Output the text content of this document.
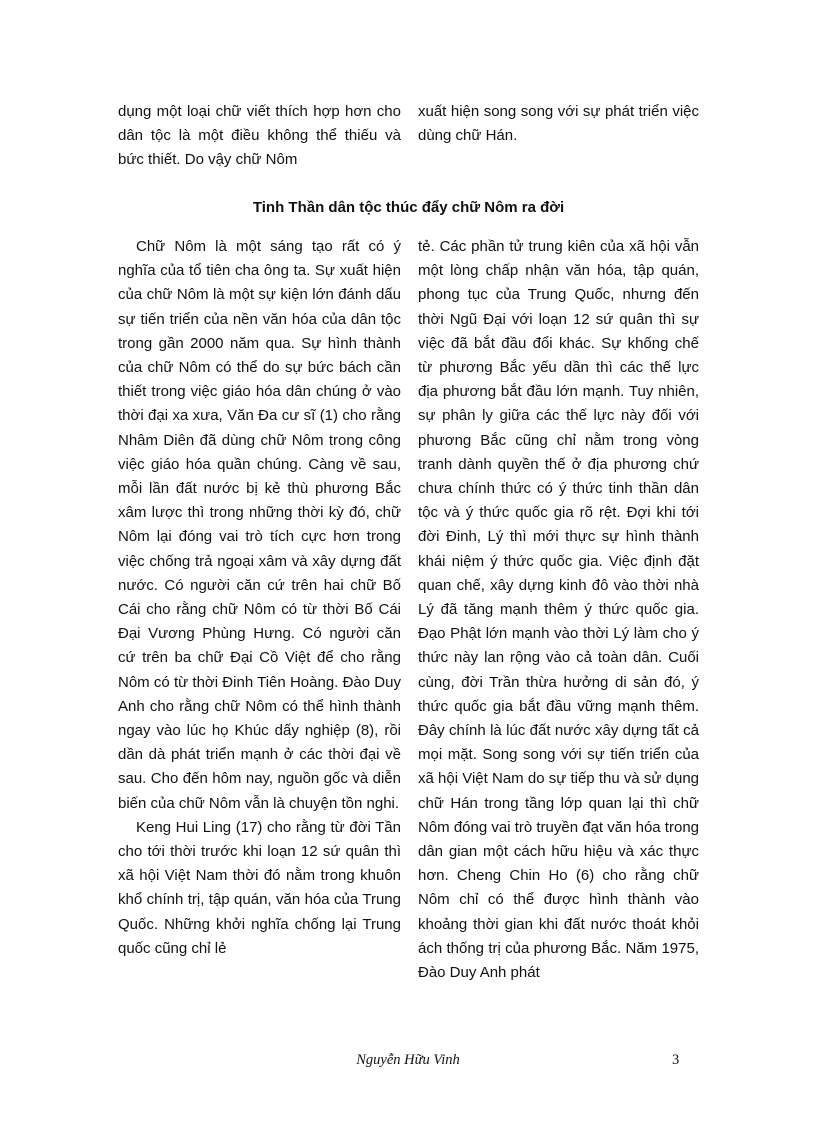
dụng một loại chữ viết thích hợp hơn cho dân tộc là một điều không thể thiếu và bức thiết. Do vậy chữ Nôm

xuất hiện song song với sự phát triển việc dùng chữ Hán.

Tinh Thần dân tộc thúc đẩy chữ Nôm ra đời

Chữ Nôm là một sáng tạo rất có ý nghĩa của tổ tiên cha ông ta. Sự xuất hiện của chữ Nôm là một sự kiện lớn đánh dấu sự tiến triển của nền văn hóa của dân tộc trong gần 2000 năm qua. Sự hình thành của chữ Nôm có thể do sự bức bách cần thiết trong việc giáo hóa dân chúng ở vào thời đại xa xưa, Văn Đa cư sĩ (1) cho rằng Nhâm Diên đã dùng chữ Nôm trong công việc giáo hóa quần chúng. Càng về sau, mỗi lần đất nước bị kẻ thù phương Bắc xâm lược thì trong những thời kỳ đó, chữ Nôm lại đóng vai trò tích cực hơn trong việc chống trả ngoại xâm và xây dựng đất nước. Có người căn cứ trên hai chữ Bố Cái cho rằng chữ Nôm có từ thời Bố Cái Đại Vương Phùng Hưng. Có người căn cứ trên ba chữ Đại Cồ Việt để cho rằng Nôm có từ thời Đinh Tiên Hoàng. Đào Duy Anh cho rằng chữ Nôm có thể hình thành ngay vào lúc họ Khúc dấy nghiệp (8), rồi dần dà phát triển mạnh ở các thời đại về sau. Cho đến hôm nay, nguồn gốc và diễn biến của chữ Nôm vẫn là chuyện tồn nghi.

Keng Hui Ling (17) cho rằng từ đời Tần cho tới thời trước khi loạn 12 sứ quân thì xã hội Việt Nam thời đó nằm trong khuôn khổ chính trị, tập quán, văn hóa của Trung Quốc. Những khởi nghĩa chống lại Trung quốc cũng chỉ lẻ

tẻ. Các phần tử trung kiên của xã hội vẫn một lòng chấp nhận văn hóa, tập quán, phong tục của Trung Quốc, nhưng đến thời Ngũ Đại với loạn 12 sứ quân thì sự việc đã bắt đầu đổi khác. Sự khống chế từ phương Bắc yếu dần thì các thế lực địa phương bắt đầu lớn mạnh. Tuy nhiên, sự phân ly giữa các thế lực này đối với phương Bắc cũng chỉ nằm trong vòng tranh dành quyền thế ở địa phương chứ chưa chính thức có ý thức tinh thần dân tộc và ý thức quốc gia rõ rệt. Đợi khi tới đời Đinh, Lý thì mới thực sự hình thành khái niệm ý thức quốc gia. Việc định đặt quan chế, xây dựng kinh đô vào thời nhà Lý đã tăng mạnh thêm ý thức quốc gia. Đạo Phật lớn mạnh vào thời Lý làm cho ý thức này lan rộng vào cả toàn dân. Cuối cùng, đời Trần thừa hưởng di sản đó, ý thức quốc gia bắt đầu vững mạnh thêm. Đây chính là lúc đất nước xây dựng tất cả mọi mặt. Song song với sự tiến triển của xã hội Việt Nam do sự tiếp thu và sử dụng chữ Hán trong tầng lớp quan lại thì chữ Nôm đóng vai trò truyền đạt văn hóa trong dân gian một cách hữu hiệu và xác thực hơn. Cheng Chin Ho (6) cho rằng chữ Nôm chỉ có thể được hình thành vào khoảng thời gian khi đất nước thoát khỏi ách thống trị của phương Bắc. Năm 1975, Đào Duy Anh phát

Nguyễn Hữu Vinh	3
